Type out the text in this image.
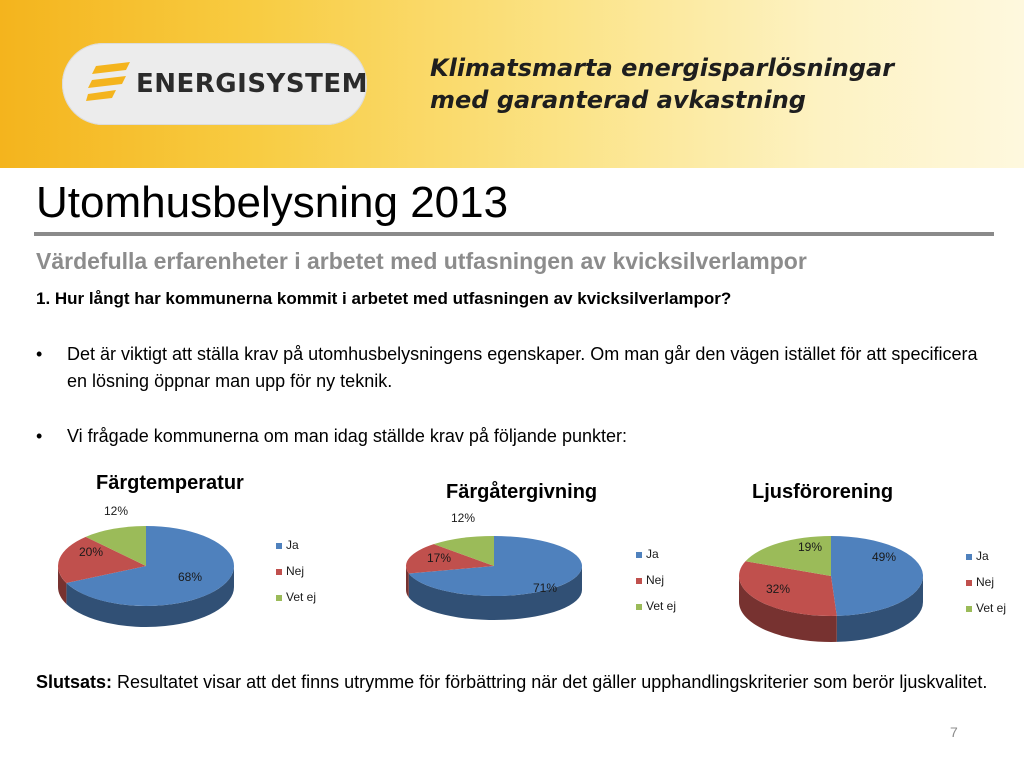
ENERGISYSTEM
Klimatsmarta energisparlösningar
med garanterad avkastning
Utomhusbelysning 2013
Värdefulla erfarenheter i arbetet med utfasningen av kvicksilverlampor
1. Hur långt har kommunerna kommit i arbetet med utfasningen av kvicksilverlampor?
• Det är viktigt att ställa krav på utomhusbelysningens egenskaper. Om man går den vägen istället för att specificera en lösning öppnar man upp för ny teknik.
• Vi frågade kommunerna om man idag ställde krav på följande punkter:
Färgtemperatur	Färgåtergivning	Ljusförorening
68%
20%
12%
Ja
Nej
Vet ej
71%
17%
12%
Ja
Nej
Vet ej
49%
32%
19%
Ja
Nej
Vet ej
Slutsats: Resultatet visar att det finns utrymme för förbättring när det gäller upphandlingskriterier som berör ljuskvalitet.
7
